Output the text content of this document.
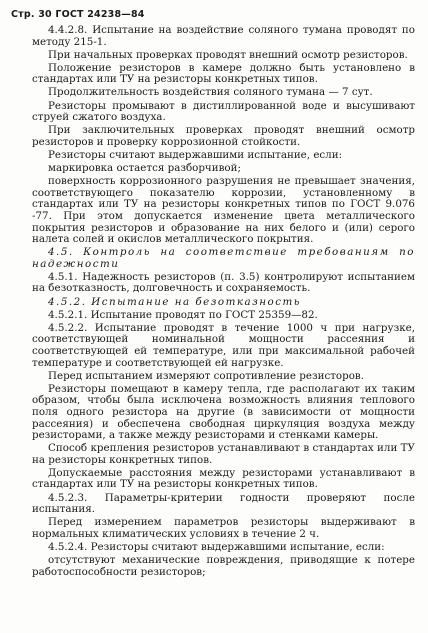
Стр. 30 ГОСТ 24238—84

4.4.2.8. Испытание на воздействие соляного тумана проводят по методу 215-1.

При начальных проверках проводят внешний осмотр резисторов.

Положение резисторов в камере должно быть установлено в стандартах или ТУ на резисторы конкретных типов.

Продолжительность воздействия соляного тумана — 7 сут.

Резисторы промывают в дистиллированной воде и высушивают струей сжатого воздуха.

При заключительных проверках проводят внешний осмотр резисторов и проверку коррозионной стойкости.

Резисторы считают выдержавшими испытание, если:

маркировка остается разборчивой;

поверхность коррозионного разрушения не превышает значения, соответствующего показателю коррозии, установленному в стандартах или ТУ на резисторы конкретных типов по ГОСТ 9.076 -77. При этом допускается изменение цвета металлического покрытия резисторов и образование на них белого и (или) серого налета солей и окислов металлического покрытия.

4.5. Контроль на соответствие требованиям по надежности

4.5.1. Надежность резисторов (п. 3.5) контролируют испытанием на безотказность, долговечность и сохраняемость.

4.5.2. Испытание на безотказность

4.5.2.1. Испытание проводят по ГОСТ 25359—82.

4.5.2.2. Испытание проводят в течение 1000 ч при нагрузке, соответствующей номинальной мощности рассеяния и соответствующей ей температуре, или при максимальной рабочей температуре и соответствующей ей нагрузке.

Перед испытанием измеряют сопротивление резисторов.

Резисторы помещают в камеру тепла, где располагают их таким образом, чтобы была исключена возможность влияния теплового поля одного резистора на другие (в зависимости от мощности рассеяния) и обеспечена свободная циркуляция воздуха между резисторами, а также между резисторами и стенками камеры.

Способ крепления резисторов устанавливают в стандартах или ТУ на резисторы конкретных типов.

Допускаемые расстояния между резисторами устанавливают в стандартах или ТУ на резисторы конкретных типов.

4.5.2.3. Параметры-критерии годности проверяют после испытания.

Перед измерением параметров резисторы выдерживают в нормальных климатических условиях в течение 2 ч.

4.5.2.4. Резисторы считают выдержавшими испытание, если:

отсутствуют механические повреждения, приводящие к потере работоспособности резисторов;
